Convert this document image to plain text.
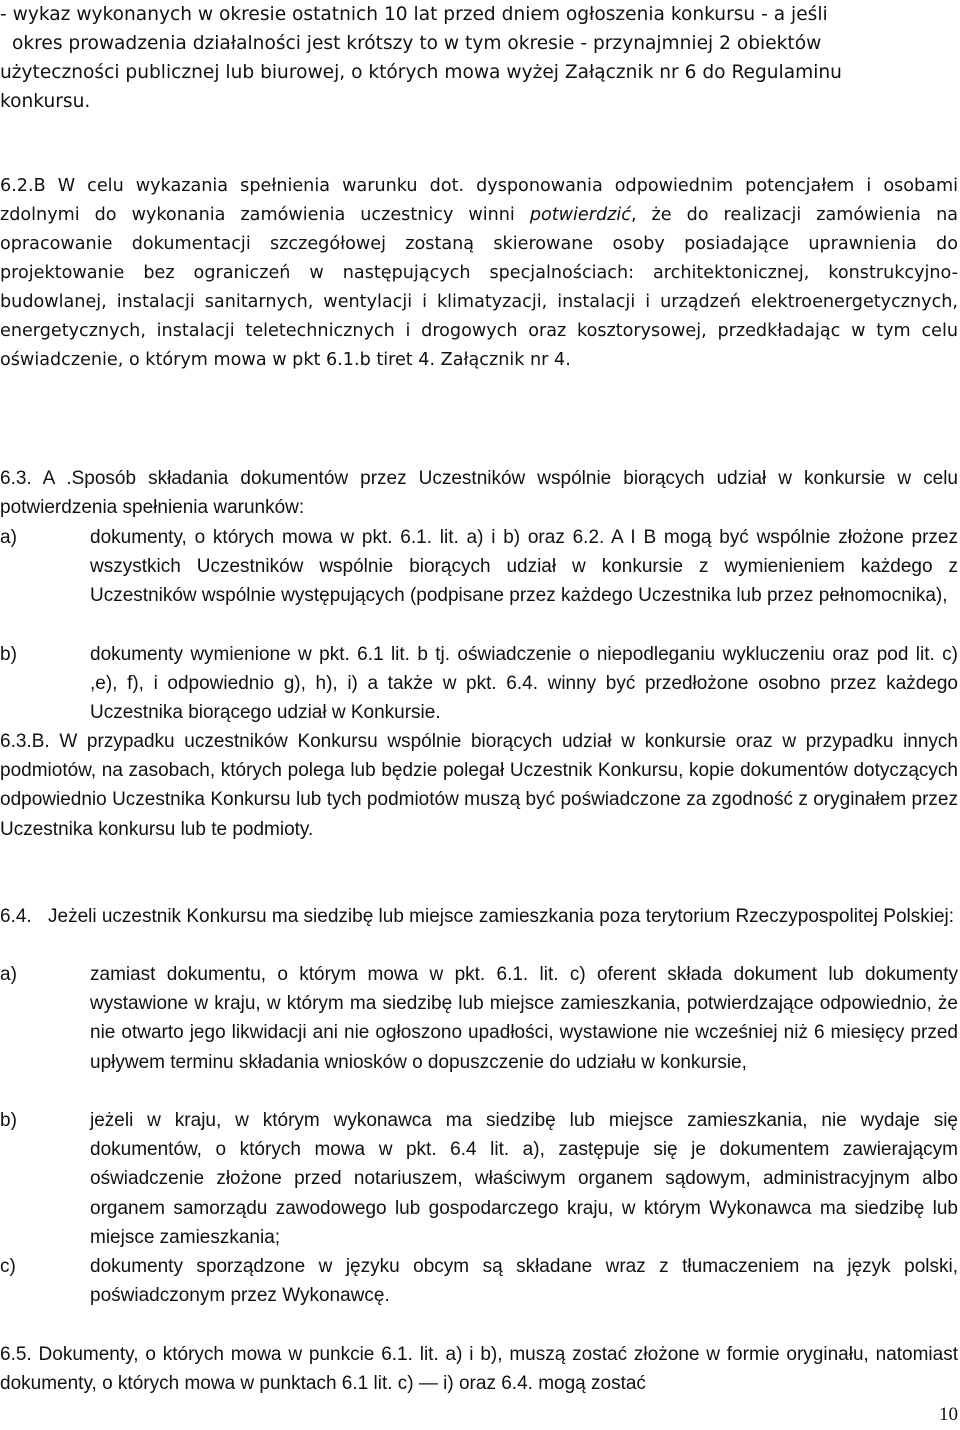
- wykaz wykonanych w okresie ostatnich 10 lat przed dniem ogłoszenia konkursu - a jeśli
okres prowadzenia działalności jest krótszy to w tym okresie - przynajmniej 2 obiektów
użyteczności publicznej lub biurowej, o których mowa wyżej Załącznik nr 6 do Regulaminu
konkursu.
6.2.B W celu wykazania spełnienia warunku dot. dysponowania odpowiednim potencjałem i osobami zdolnymi do wykonania zamówienia uczestnicy winni potwierdzić, że do realizacji zamówienia na opracowanie dokumentacji szczegółowej zostaną skierowane osoby posiadające uprawnienia do projektowanie bez ograniczeń w następujących specjalnościach: architektonicznej, konstrukcyjno-budowlanej, instalacji sanitarnych, wentylacji i klimatyzacji, instalacji i urządzeń elektroenergetycznych, energetycznych, instalacji teletechnicznych i drogowych oraz kosztorysowej, przedkładając w tym celu oświadczenie, o którym mowa w pkt 6.1.b tiret 4. Załącznik nr 4.
6.3. A .Sposób składania dokumentów przez Uczestników wspólnie biorących udział w konkursie w celu potwierdzenia spełnienia warunków:
a)	dokumenty, o których mowa w pkt. 6.1. lit. a) i b) oraz 6.2. A I B mogą być wspólnie złożone przez wszystkich Uczestników wspólnie biorących udział w konkursie z wymienieniem każdego z Uczestników wspólnie występujących (podpisane przez każdego Uczestnika lub przez pełnomocnika),
b)	dokumenty wymienione w pkt. 6.1 lit. b tj. oświadczenie o niepodleganiu wykluczeniu oraz pod lit. c) ,e), f), i odpowiednio g), h), i) a także w pkt. 6.4. winny być przedłożone osobno przez każdego Uczestnika biorącego udział w Konkursie.
6.3.B. W przypadku uczestników Konkursu wspólnie biorących udział w konkursie oraz w przypadku innych podmiotów, na zasobach, których polega lub będzie polegał Uczestnik Konkursu, kopie dokumentów dotyczących odpowiednio Uczestnika Konkursu lub tych podmiotów muszą być poświadczone za zgodność z oryginałem przez Uczestnika konkursu lub te podmioty.
6.4. Jeżeli uczestnik Konkursu ma siedzibę lub miejsce zamieszkania poza terytorium Rzeczypospolitej Polskiej:
a)	zamiast dokumentu, o którym mowa w pkt. 6.1. lit. c) oferent składa dokument lub dokumenty wystawione w kraju, w którym ma siedzibę lub miejsce zamieszkania, potwierdzające odpowiednio, że nie otwarto jego likwidacji ani nie ogłoszono upadłości, wystawione nie wcześniej niż 6 miesięcy przed upływem terminu składania wniosków o dopuszczenie do udziału w konkursie,
b)	jeżeli w kraju, w którym wykonawca ma siedzibę lub miejsce zamieszkania, nie wydaje się dokumentów, o których mowa w pkt. 6.4 lit. a), zastępuje się je dokumentem zawierającym oświadczenie złożone przed notariuszem, właściwym organem sądowym, administracyjnym albo organem samorządu zawodowego lub gospodarczego kraju, w którym Wykonawca ma siedzibę lub miejsce zamieszkania;
c)	dokumenty sporządzone w języku obcym są składane wraz z tłumaczeniem na język polski, poświadczonym przez Wykonawcę.
6.5. Dokumenty, o których mowa w punkcie 6.1. lit. a) i b), muszą zostać złożone w formie oryginału, natomiast dokumenty, o których mowa w punktach 6.1 lit. c) — i) oraz 6.4. mogą zostać
10
